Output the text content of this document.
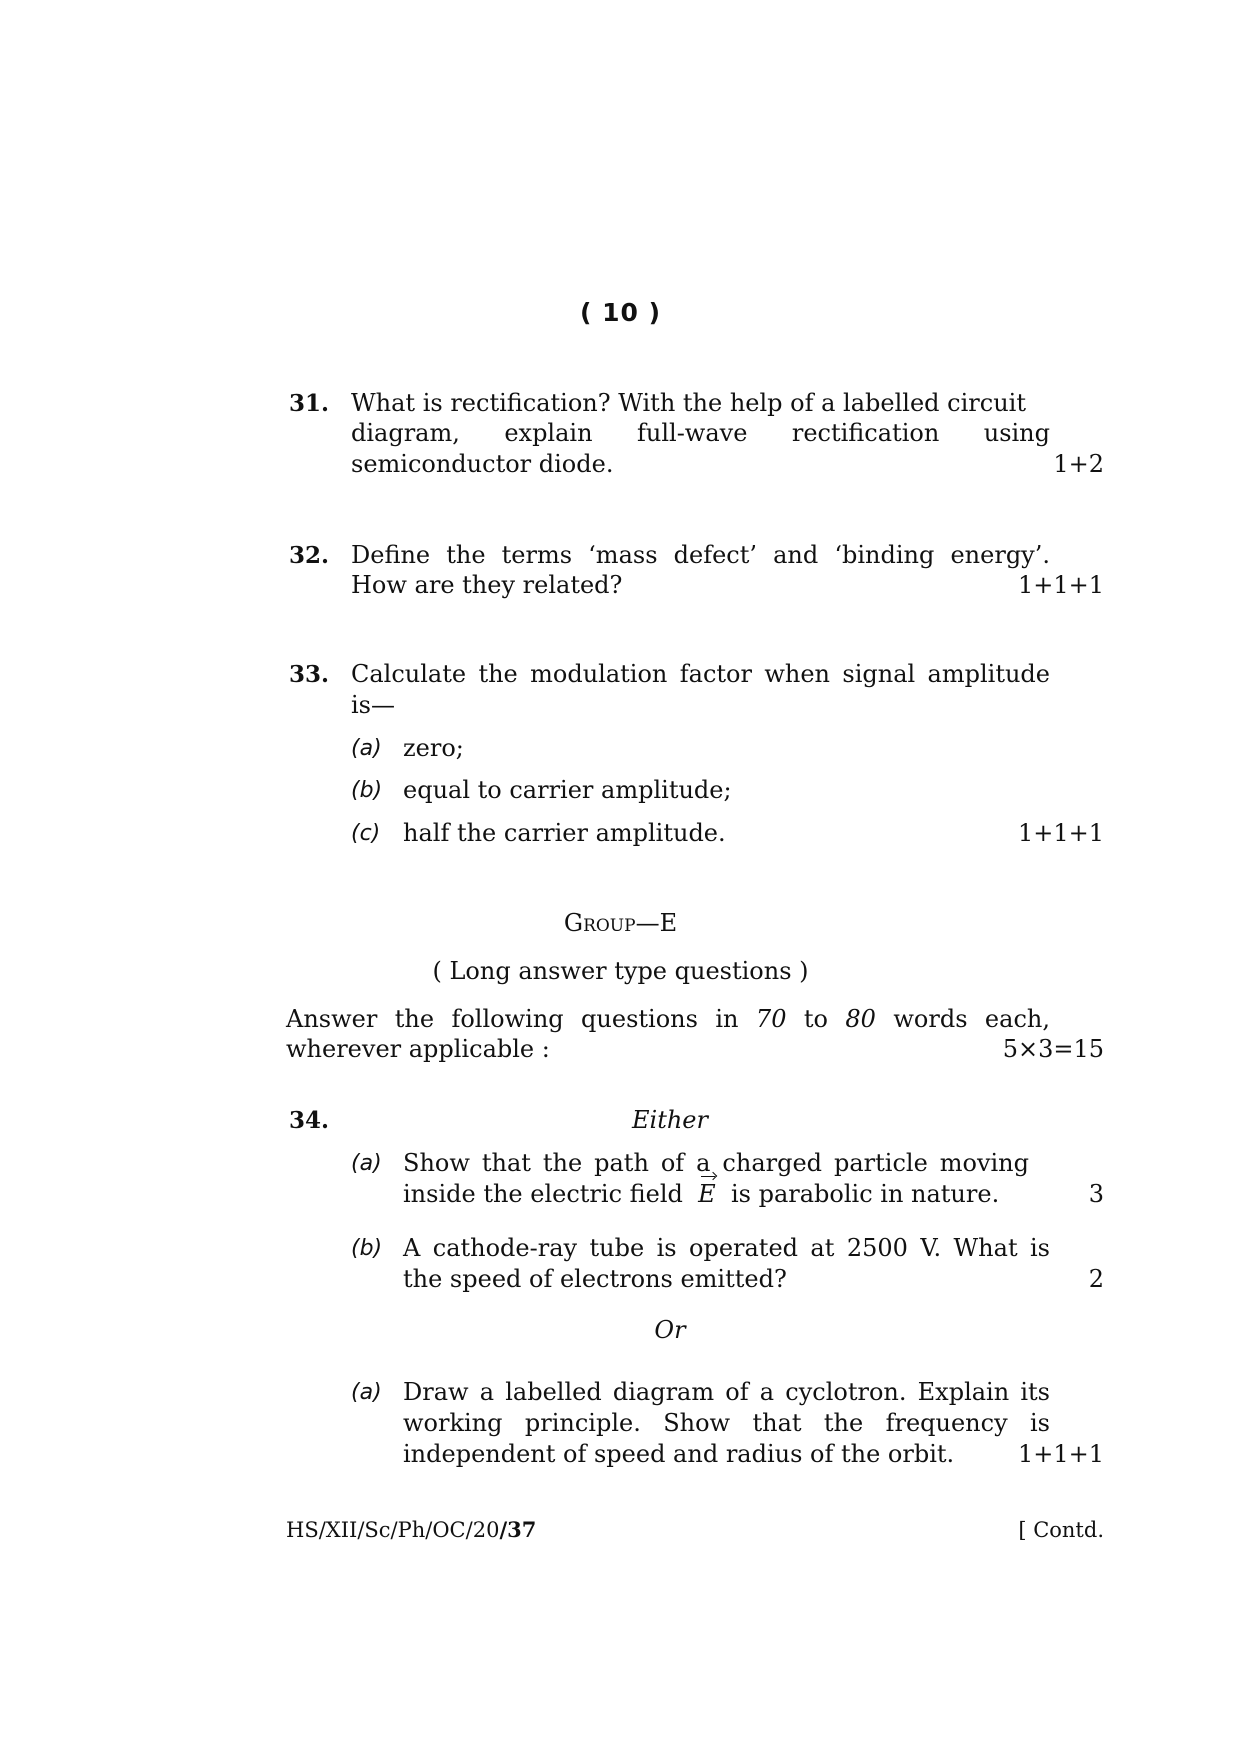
( 10 )
31. What is rectification? With the help of a labelled circuit
diagram, explain full-wave rectification using
semiconductor diode.	1+2
32. Define the terms ‘mass defect’ and ‘binding energy’.
How are they related?	1+1+1
33. Calculate the modulation factor when signal amplitude
is—
(a) zero;
(b) equal to carrier amplitude;
(c) half the carrier amplitude.	1+1+1
Group—E
( Long answer type questions )
Answer the following questions in 70 to 80 words each,
wherever applicable :	5×3=15
34.	Either
(a) Show that the path of a charged particle moving
inside the electric field E is parabolic in nature.	3
(b) A cathode-ray tube is operated at 2500 V. What is
the speed of electrons emitted?	2
Or
(a) Draw a labelled diagram of a cyclotron. Explain its
working principle. Show that the frequency is
independent of speed and radius of the orbit.	1+1+1
HS/XII/Sc/Ph/OC/20/37	[ Contd.
